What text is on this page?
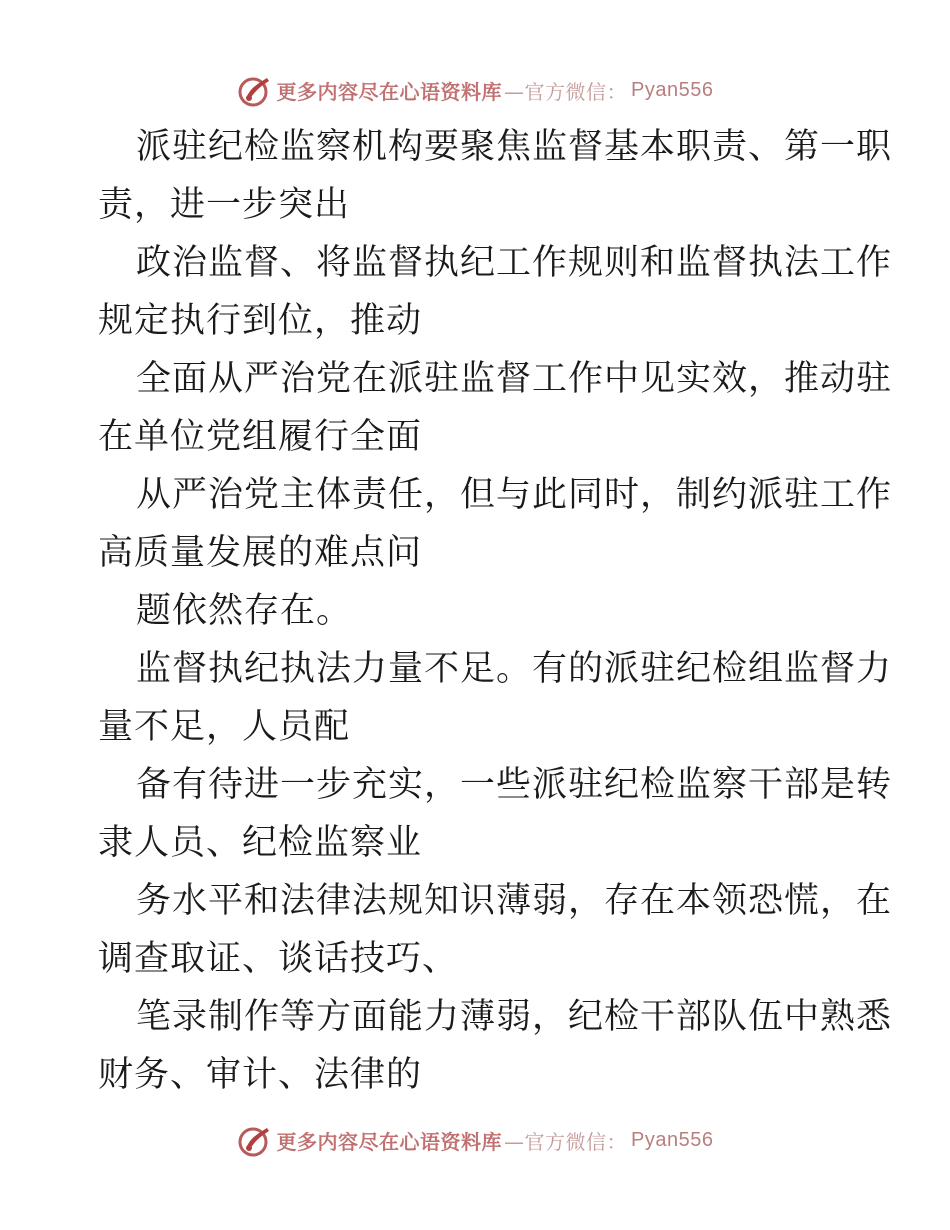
更多内容尽在心语资料库 —官方微信： Pyan556
派驻纪检监察机构要聚焦监督基本职责、第一职
责，进一步突出
政治监督、将监督执纪工作规则和监督执法工作
规定执行到位，推动
全面从严治党在派驻监督工作中见实效，推动驻
在单位党组履行全面
从严治党主体责任，但与此同时，制约派驻工作
高质量发展的难点问
题依然存在。
监督执纪执法力量不足。有的派驻纪检组监督力
量不足，人员配
备有待进一步充实，一些派驻纪检监察干部是转
隶人员、纪检监察业
务水平和法律法规知识薄弱，存在本领恐慌，在
调查取证、谈话技巧、
笔录制作等方面能力薄弱，纪检干部队伍中熟悉
财务、审计、法律的
更多内容尽在心语资料库 —官方微信： Pyan556
